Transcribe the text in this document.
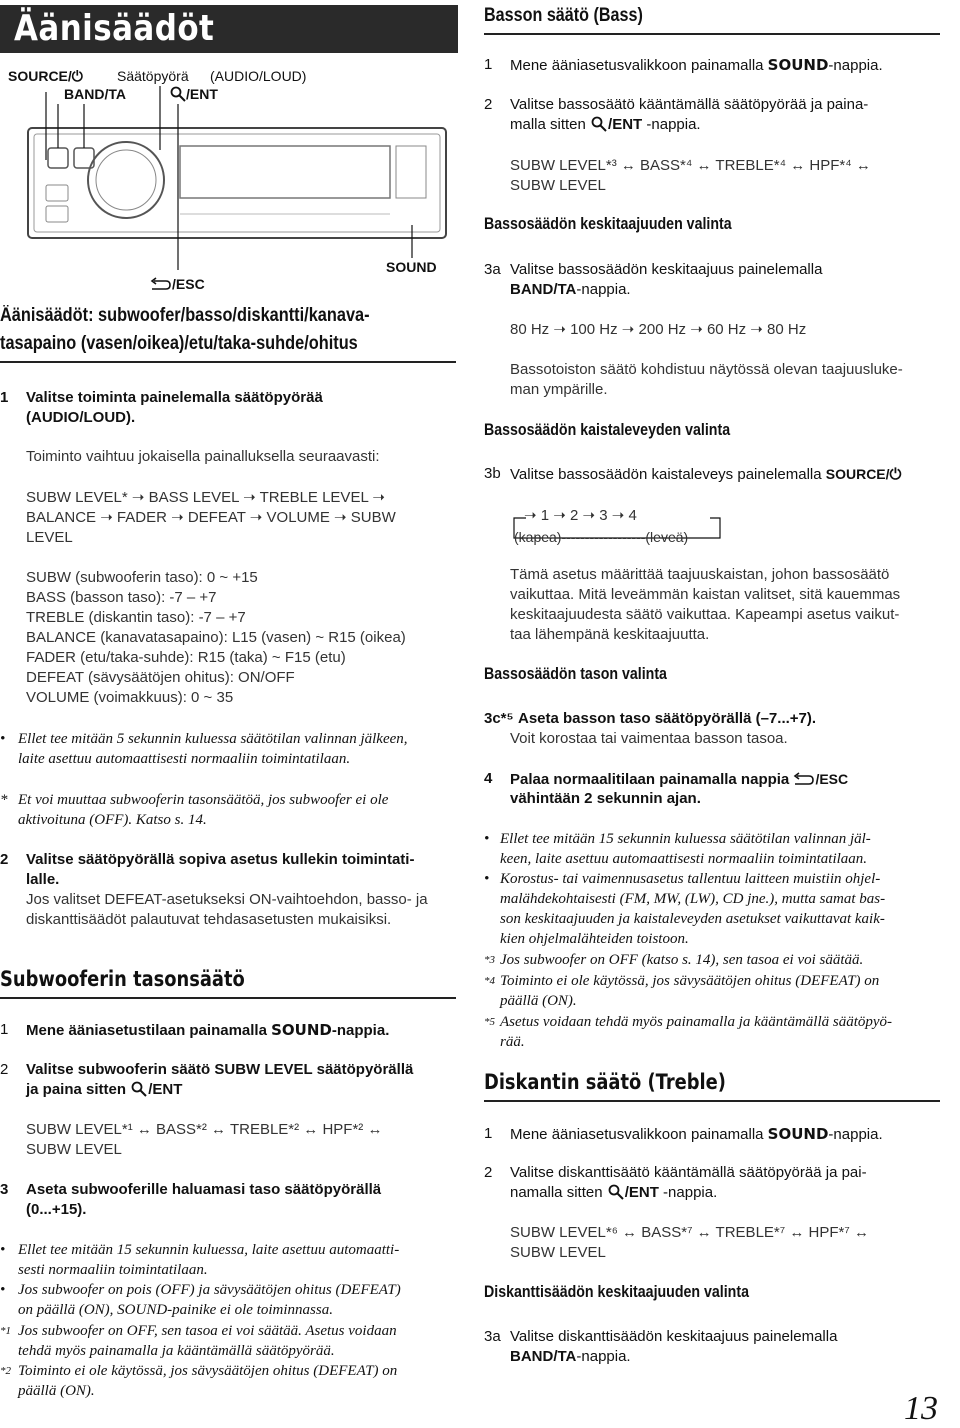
Äänisäädöt
SOURCE/⏻
BAND/TA
Säätöpyörä (AUDIO/LOUD)
/ENT
/ESC
SOUND
Äänisäädöt: subwoofer/basso/diskantti/kanava-
tasapaino (vasen/oikea)/etu/taka-suhde/ohitus
1 Valitse toiminta painelemalla säätöpyörää
(AUDIO/LOUD).
Toiminto vaihtuu jokaisella painalluksella seuraavasti:
SUBW LEVEL* ➝ BASS LEVEL ➝ TREBLE LEVEL ➝
BALANCE ➝ FADER ➝ DEFEAT ➝ VOLUME ➝ SUBW
LEVEL
SUBW (subwooferin taso): 0 ~ +15
BASS (basson taso): -7 – +7
TREBLE (diskantin taso): -7 – +7
BALANCE (kanavatasapaino): L15 (vasen) ~ R15 (oikea)
FADER (etu/taka-suhde): R15 (taka) ~ F15 (etu)
DEFEAT (sävysäätöjen ohitus): ON/OFF
VOLUME (voimakkuus): 0 ~ 35
• Ellet tee mitään 5 sekunnin kuluessa säätötilan valinnan jälkeen,
laite asettuu automaattisesti normaaliin toimintatilaan.
* Et voi muuttaa subwooferin tasonsäätöä, jos subwoofer ei ole
aktivoituna (OFF). Katso s. 14.
2 Valitse säätöpyörällä sopiva asetus kullekin toimintati-
lalle.
Jos valitset DEFEAT-asetukseksi ON-vaihtoehdon, basso- ja
diskanttisäädöt palautuvat tehdasasetusten mukaisiksi.
Subwooferin tasonsäätö
1 Mene ääniasetustilaan painamalla SOUND-nappia.
2 Valitse subwooferin säätö SUBW LEVEL säätöpyörällä
ja paina sitten /ENT
SUBW LEVEL*¹ ↔ BASS*² ↔ TREBLE*² ↔ HPF*² ↔
SUBW LEVEL
3 Aseta subwooferille haluamasi taso säätöpyörällä
(0...+15).
• Ellet tee mitään 15 sekunnin kuluessa, laite asettuu automaatti-
sesti normaaliin toimintatilaan.
• Jos subwoofer on pois (OFF) ja sävysäätöjen ohitus (DEFEAT)
on päällä (ON), SOUND-painike ei ole toiminnassa.
*1 Jos subwoofer on OFF, sen tasoa ei voi säätää. Asetus voidaan
tehdä myös painamalla ja kääntämällä säätöpyörää.
*2 Toiminto ei ole käytössä, jos sävysäätöjen ohitus (DEFEAT) on
päällä (ON).
Basson säätö (Bass)
1 Mene ääniasetusvalikkoon painamalla SOUND-nappia.
2 Valitse bassosäätö kääntämällä säätöpyörää ja paina-
malla sitten /ENT -nappia.
SUBW LEVEL*³ ↔ BASS*⁴ ↔ TREBLE*⁴ ↔ HPF*⁴ ↔
SUBW LEVEL
Bassosäädön keskitaajuuden valinta
3a Valitse bassosäädön keskitaajuus painelemalla
BAND/TA-nappia.
80 Hz ➝ 100 Hz ➝ 200 Hz ➝ 60 Hz ➝ 80 Hz
Bassotoiston säätö kohdistuu näytössä olevan taajuusluke-
man ympärille.
Bassosäädön kaistaleveyden valinta
3b Valitse bassosäädön kaistaleveys painelemalla SOURCE/⏻
➝ 1 ➝ 2 ➝ 3 ➝ 4
(kapea)------------------(leveä)
Tämä asetus määrittää taajuuskaistan, johon bassosäätö
vaikuttaa. Mitä leveämmän kaistan valitset, sitä kauemmas
keskitaajuudesta säätö vaikuttaa. Kapeampi asetus vaikut-
taa lähempänä keskitaajuutta.
Bassosäädön tason valinta
3c*⁵ Aseta basson taso säätöpyörällä (–7...+7).
Voit korostaa tai vaimentaa basson tasoa.
4 Palaa normaalitilaan painamalla nappia /ESC
vähintään 2 sekunnin ajan.
• Ellet tee mitään 15 sekunnin kuluessa säätötilan valinnan jäl-
keen, laite asettuu automaattisesti normaaliin toimintatilaan.
• Korostus- tai vaimennusasetus tallentuu laitteen muistiin ohjel-
malähdekohtaisesti (FM, MW, (LW), CD jne.), mutta samat bas-
son keskitaajuuden ja kaistaleveyden asetukset vaikuttavat kaik-
kien ohjelmalähteiden toistoon.
*3 Jos subwoofer on OFF (katso s. 14), sen tasoa ei voi säätää.
*4 Toiminto ei ole käytössä, jos sävysäätöjen ohitus (DEFEAT) on
päällä (ON).
*5 Asetus voidaan tehdä myös painamalla ja kääntämällä säätöpyö-
rää.
Diskantin säätö (Treble)
1 Mene ääniasetusvalikkoon painamalla SOUND-nappia.
2 Valitse diskanttisäätö kääntämällä säätöpyörää ja pai-
namalla sitten /ENT -nappia.
SUBW LEVEL*⁶ ↔ BASS*⁷ ↔ TREBLE*⁷ ↔ HPF*⁷ ↔
SUBW LEVEL
Diskanttisäädön keskitaajuuden valinta
3a Valitse diskanttisäädön keskitaajuus painelemalla
BAND/TA-nappia.
13
